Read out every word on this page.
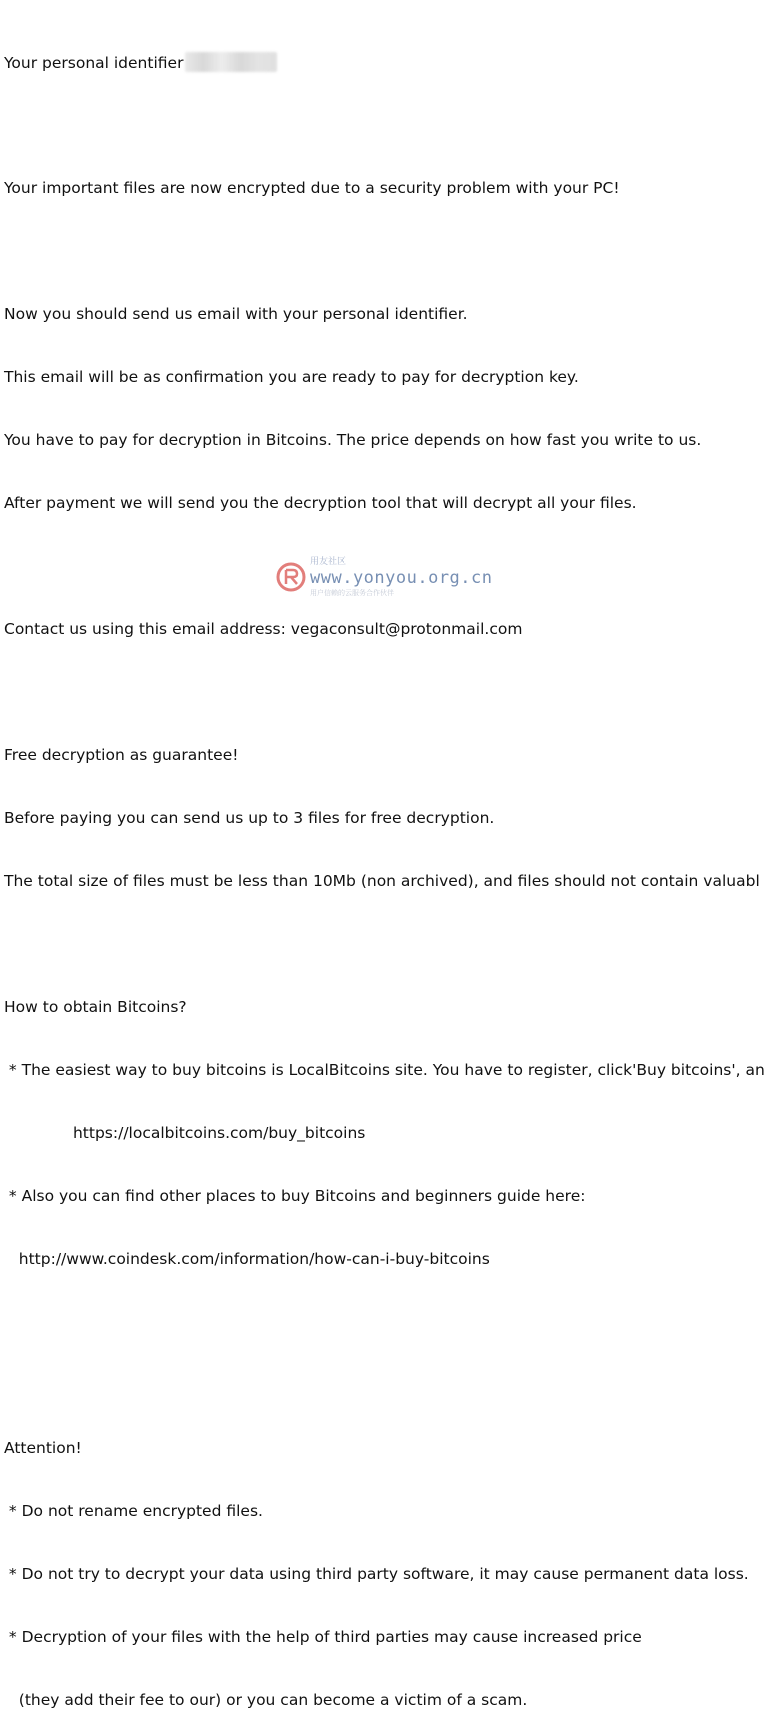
Your personal identifier

Your important files are now encrypted due to a security problem with your PC!

Now you should send us email with your personal identifier.

This email will be as confirmation you are ready to pay for decryption key.

You have to pay for decryption in Bitcoins. The price depends on how fast you write to us.

After payment we will send you the decryption tool that will decrypt all your files.

Contact us using this email address: vegaconsult@protonmail.com

Free decryption as guarantee!

Before paying you can send us up to 3 files for free decryption.

The total size of files must be less than 10Mb (non archived), and files should not contain valuabl

How to obtain Bitcoins?

* The easiest way to buy bitcoins is LocalBitcoins site. You have to register, click'Buy bitcoins', an

https://localbitcoins.com/buy_bitcoins

* Also you can find other places to buy Bitcoins and beginners guide here:

http://www.coindesk.com/information/how-can-i-buy-bitcoins

Attention!

* Do not rename encrypted files.

* Do not try to decrypt your data using third party software, it may cause permanent data loss.

* Decryption of your files with the help of third parties may cause increased price

(they add their fee to our) or you can become a victim of a scam.

用友社区
www.yonyou.org.cn
用户信赖的云服务合作伙伴
